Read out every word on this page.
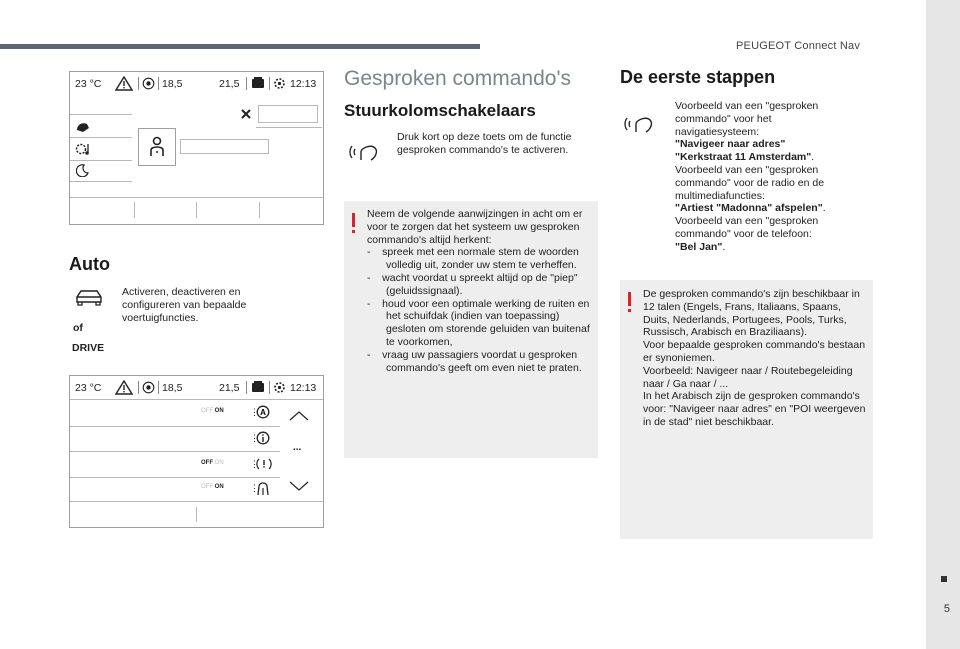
PEUGEOT Connect Nav
5
23 °C	18,5	21,5	12:13
Auto
of
DRIVE
Activeren, deactiveren en configureren van bepaalde voertuigfuncties.
23 °C	18,5	21,5	12:13
OFF ON	⋮ A
⋮
OFF ON	⋮
OFF ON	⋮
...
Gesproken commando's
Stuurkolomschakelaars
Druk kort op deze toets om de functie gesproken commando's te activeren.
Neem de volgende aanwijzingen in acht om er voor te zorgen dat het systeem uw gesproken commando's altijd herkent:
-    spreek met een normale stem de woorden volledig uit, zonder uw stem te verheffen.
-    wacht voordat u spreekt altijd op de "piep" (geluidssignaal).
-    houd voor een optimale werking de ruiten en het schuifdak (indien van toepassing) gesloten om storende geluiden van buitenaf te voorkomen,
-    vraag uw passagiers voordat u gesproken commando's geeft om even niet te praten.
De eerste stappen
Voorbeeld van een "gesproken commando" voor het navigatiesysteem:
"Navigeer naar adres"
"Kerkstraat 11 Amsterdam".
Voorbeeld van een "gesproken commando" voor de radio en de multimediafuncties:
"Artiest "Madonna" afspelen".
Voorbeeld van een "gesproken commando" voor de telefoon:
"Bel Jan".
De gesproken commando's zijn beschikbaar in 12 talen (Engels, Frans, Italiaans, Spaans, Duits, Nederlands, Portugees, Pools, Turks, Russisch, Arabisch en Braziliaans).
Voor bepaalde gesproken commando's bestaan er synoniemen.
Voorbeeld: Navigeer naar / Routebegeleiding naar / Ga naar / ...
In het Arabisch zijn de gesproken commando's voor: "Navigeer naar adres" en "POI weergeven in de stad" niet beschikbaar.
